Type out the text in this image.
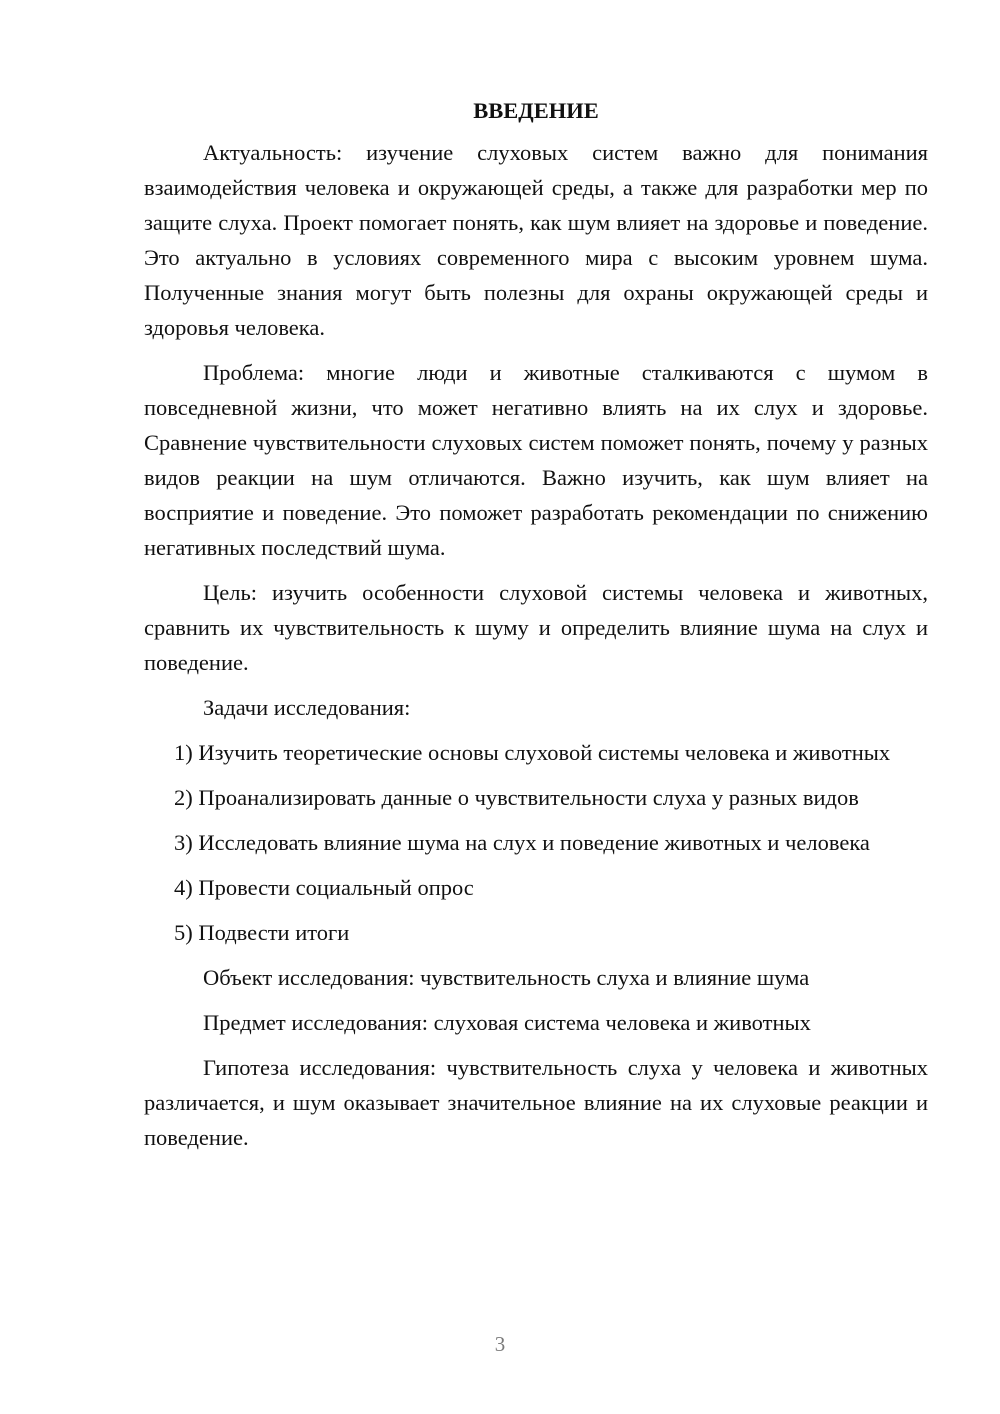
ВВЕДЕНИЕ

Актуальность: изучение слуховых систем важно для понимания взаимодействия человека и окружающей среды, а также для разработки мер по защите слуха. Проект помогает понять, как шум влияет на здоровье и поведение. Это актуально в условиях современного мира с высоким уровнем шума. Полученные знания могут быть полезны для охраны окружающей среды и здоровья человека.

Проблема: многие люди и животные сталкиваются с шумом в повседневной жизни, что может негативно влиять на их слух и здоровье. Сравнение чувствительности слуховых систем поможет понять, почему у разных видов реакции на шум отличаются. Важно изучить, как шум влияет на восприятие и поведение. Это поможет разработать рекомендации по снижению негативных последствий шума.

Цель: изучить особенности слуховой системы человека и животных, сравнить их чувствительность к шуму и определить влияние шума на слух и поведение.

Задачи исследования:

1) Изучить теоретические основы слуховой системы человека и животных

2) Проанализировать данные о чувствительности слуха у разных видов

3) Исследовать влияние шума на слух и поведение животных и человека

4) Провести социальный опрос

5) Подвести итоги

Объект исследования: чувствительность слуха и влияние шума

Предмет исследования: слуховая система человека и животных

Гипотеза исследования: чувствительность слуха у человека и животных различается, и шум оказывает значительное влияние на их слуховые реакции и поведение.

3
